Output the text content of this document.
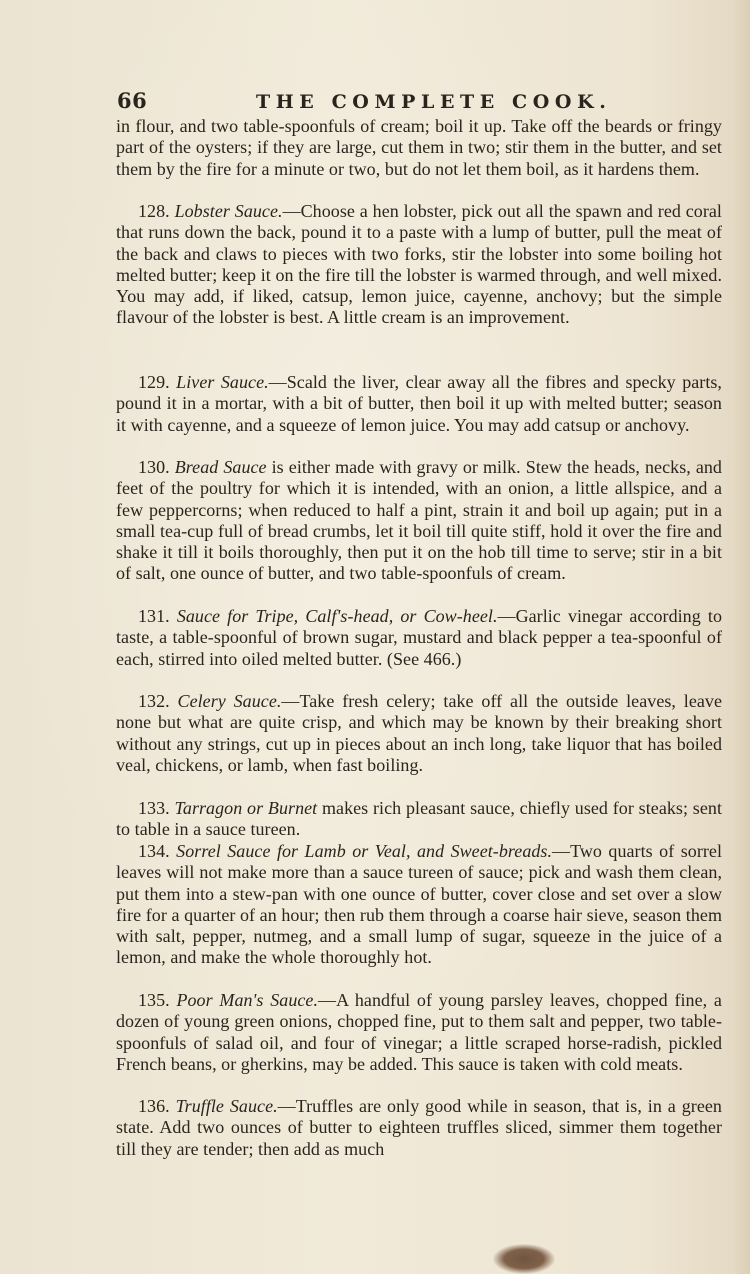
66	THE COMPLETE COOK.
in flour, and two table-spoonfuls of cream; boil it up. Take off the beards or fringy part of the oysters; if they are large, cut them in two; stir them in the butter, and set them by the fire for a minute or two, but do not let them boil, as it hardens them.
128. Lobster Sauce.—Choose a hen lobster, pick out all the spawn and red coral that runs down the back, pound it to a paste with a lump of butter, pull the meat of the back and claws to pieces with two forks, stir the lobster into some boiling hot melted butter; keep it on the fire till the lobster is warmed through, and well mixed. You may add, if liked, catsup, lemon juice, cayenne, anchovy; but the simple flavour of the lobster is best. A little cream is an improvement.
129. Liver Sauce.—Scald the liver, clear away all the fibres and specky parts, pound it in a mortar, with a bit of butter, then boil it up with melted butter; season it with cayenne, and a squeeze of lemon juice. You may add catsup or anchovy.
130. Bread Sauce is either made with gravy or milk. Stew the heads, necks, and feet of the poultry for which it is intended, with an onion, a little allspice, and a few peppercorns; when reduced to half a pint, strain it and boil up again; put in a small tea-cup full of bread crumbs, let it boil till quite stiff, hold it over the fire and shake it till it boils thoroughly, then put it on the hob till time to serve; stir in a bit of salt, one ounce of butter, and two table-spoonfuls of cream.
131. Sauce for Tripe, Calf's-head, or Cow-heel.—Garlic vinegar according to taste, a table-spoonful of brown sugar, mustard and black pepper a tea-spoonful of each, stirred into oiled melted butter. (See 466.)
132. Celery Sauce.—Take fresh celery; take off all the outside leaves, leave none but what are quite crisp, and which may be known by their breaking short without any strings, cut up in pieces about an inch long, take liquor that has boiled veal, chickens, or lamb, when fast boiling.
133. Tarragon or Burnet makes rich pleasant sauce, chiefly used for steaks; sent to table in a sauce tureen.
134. Sorrel Sauce for Lamb or Veal, and Sweet-breads.—Two quarts of sorrel leaves will not make more than a sauce tureen of sauce; pick and wash them clean, put them into a stew-pan with one ounce of butter, cover close and set over a slow fire for a quarter of an hour; then rub them through a coarse hair sieve, season them with salt, pepper, nutmeg, and a small lump of sugar, squeeze in the juice of a lemon, and make the whole thoroughly hot.
135. Poor Man's Sauce.—A handful of young parsley leaves, chopped fine, a dozen of young green onions, chopped fine, put to them salt and pepper, two table-spoonfuls of salad oil, and four of vinegar; a little scraped horse-radish, pickled French beans, or gherkins, may be added. This sauce is taken with cold meats.
136. Truffle Sauce.—Truffles are only good while in season, that is, in a green state. Add two ounces of butter to eighteen truffles sliced, simmer them together till they are tender; then add as much
